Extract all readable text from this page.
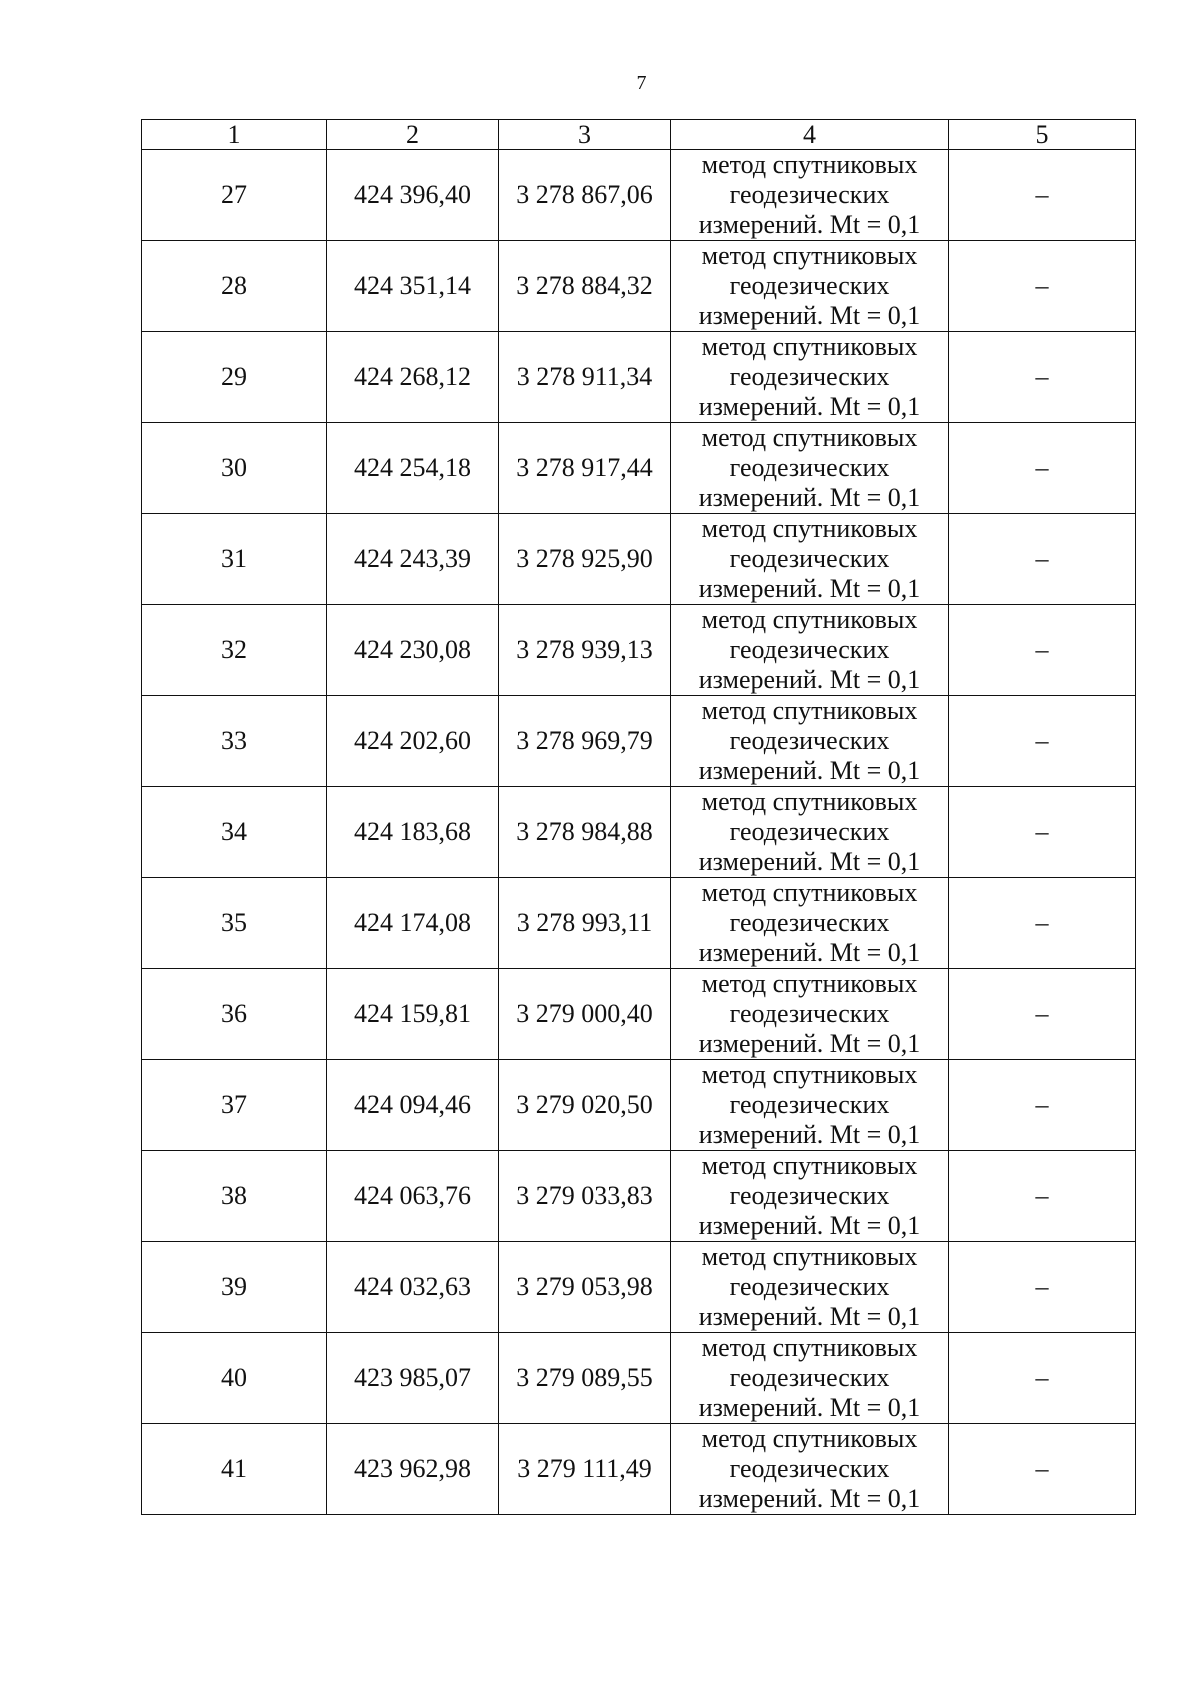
7
1	2	3	4	5
27	424 396,40	3 278 867,06	метод спутниковых
геодезических
измерений. Mt = 0,1	–
28	424 351,14	3 278 884,32	метод спутниковых
геодезических
измерений. Mt = 0,1	–
29	424 268,12	3 278 911,34	метод спутниковых
геодезических
измерений. Mt = 0,1	–
30	424 254,18	3 278 917,44	метод спутниковых
геодезических
измерений. Mt = 0,1	–
31	424 243,39	3 278 925,90	метод спутниковых
геодезических
измерений. Mt = 0,1	–
32	424 230,08	3 278 939,13	метод спутниковых
геодезических
измерений. Mt = 0,1	–
33	424 202,60	3 278 969,79	метод спутниковых
геодезических
измерений. Mt = 0,1	–
34	424 183,68	3 278 984,88	метод спутниковых
геодезических
измерений. Mt = 0,1	–
35	424 174,08	3 278 993,11	метод спутниковых
геодезических
измерений. Mt = 0,1	–
36	424 159,81	3 279 000,40	метод спутниковых
геодезических
измерений. Mt = 0,1	–
37	424 094,46	3 279 020,50	метод спутниковых
геодезических
измерений. Mt = 0,1	–
38	424 063,76	3 279 033,83	метод спутниковых
геодезических
измерений. Mt = 0,1	–
39	424 032,63	3 279 053,98	метод спутниковых
геодезических
измерений. Mt = 0,1	–
40	423 985,07	3 279 089,55	метод спутниковых
геодезических
измерений. Mt = 0,1	–
41	423 962,98	3 279 111,49	метод спутниковых
геодезических
измерений. Mt = 0,1	–
